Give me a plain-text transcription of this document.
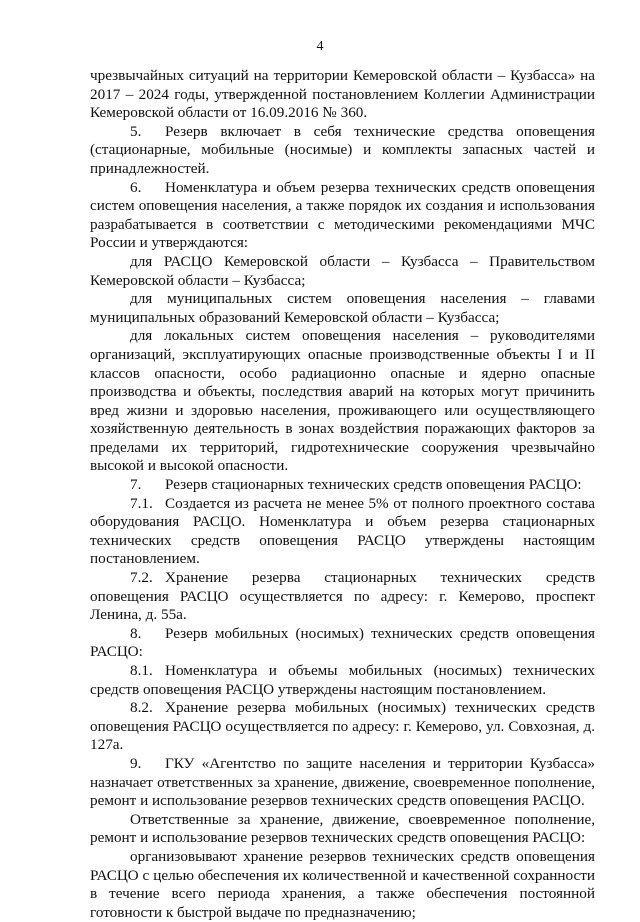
4

чрезвычайных ситуаций на территории Кемеровской области – Кузбасса» на 2017 – 2024 годы, утвержденной постановлением Коллегии Администрации Кемеровской области от 16.09.2016 № 360.

5. Резерв включает в себя технические средства оповещения (стационарные, мобильные (носимые) и комплекты запасных частей и принадлежностей.

6. Номенклатура и объем резерва технических средств оповещения систем оповещения населения, а также порядок их создания и использования разрабатывается в соответствии с методическими рекомендациями МЧС России и утверждаются:

для РАСЦО Кемеровской области – Кузбасса – Правительством Кемеровской области – Кузбасса;

для муниципальных систем оповещения населения – главами муниципальных образований Кемеровской области – Кузбасса;

для локальных систем оповещения населения – руководителями организаций, эксплуатирующих опасные производственные объекты I и II классов опасности, особо радиационно опасные и ядерно опасные производства и объекты, последствия аварий на которых могут причинить вред жизни и здоровью населения, проживающего или осуществляющего хозяйственную деятельность в зонах воздействия поражающих факторов за пределами их территорий, гидротехнические сооружения чрезвычайно высокой и высокой опасности.

7. Резерв стационарных технических средств оповещения РАСЦО:

7.1. Создается из расчета не менее 5% от полного проектного состава оборудования РАСЦО. Номенклатура и объем резерва стационарных технических средств оповещения РАСЦО утверждены настоящим постановлением.

7.2. Хранение резерва стационарных технических средств оповещения РАСЦО осуществляется по адресу: г. Кемерово, проспект Ленина, д. 55а.

8. Резерв мобильных (носимых) технических средств оповещения РАСЦО:

8.1. Номенклатура и объемы мобильных (носимых) технических средств оповещения РАСЦО утверждены настоящим постановлением.

8.2. Хранение резерва мобильных (носимых) технических средств оповещения РАСЦО осуществляется по адресу: г. Кемерово, ул. Совхозная, д. 127а.

9. ГКУ «Агентство по защите населения и территории Кузбасса» назначает ответственных за хранение, движение, своевременное пополнение, ремонт и использование резервов технических средств оповещения РАСЦО.

Ответственные за хранение, движение, своевременное пополнение, ремонт и использование резервов технических средств оповещения РАСЦО:

организовывают хранение резервов технических средств оповещения РАСЦО с целью обеспечения их количественной и качественной сохранности в течение всего периода хранения, а также обеспечения постоянной готовности к быстрой выдаче по предназначению;
